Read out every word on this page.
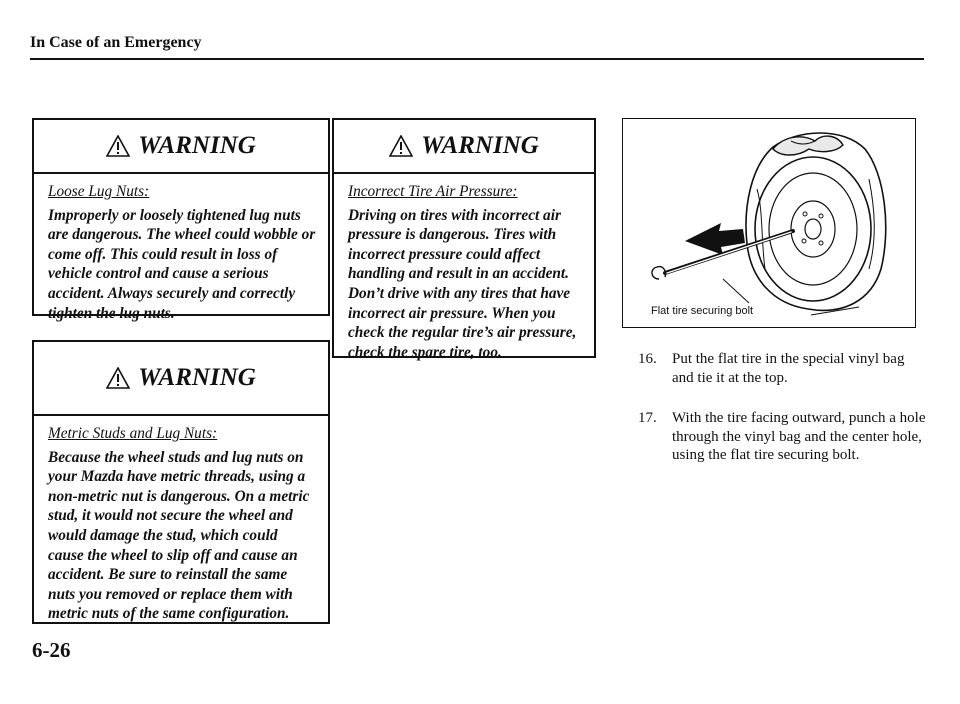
In Case of an Emergency
WARNING
Loose Lug Nuts:
Improperly or loosely tightened lug nuts are dangerous. The wheel could wobble or come off. This could result in loss of vehicle control and cause a serious accident. Always securely and correctly tighten the lug nuts.
WARNING
Metric Studs and Lug Nuts:
Because the wheel studs and lug nuts on your Mazda have metric threads, using a non-metric nut is dangerous. On a metric stud, it would not secure the wheel and would damage the stud, which could cause the wheel to slip off and cause an accident. Be sure to reinstall the same nuts you removed or replace them with metric nuts of the same configuration.
WARNING
Incorrect Tire Air Pressure:
Driving on tires with incorrect air pressure is dangerous. Tires with incorrect pressure could affect handling and result in an accident. Don’t drive with any tires that have incorrect air pressure. When you check the regular tire’s air pressure, check the spare tire, too.
Flat tire securing bolt
16.	Put the flat tire in the special vinyl bag and tie it at the top.
17.	With the tire facing outward, punch a hole through the vinyl bag and the center hole, using the flat tire securing bolt.
6-26
